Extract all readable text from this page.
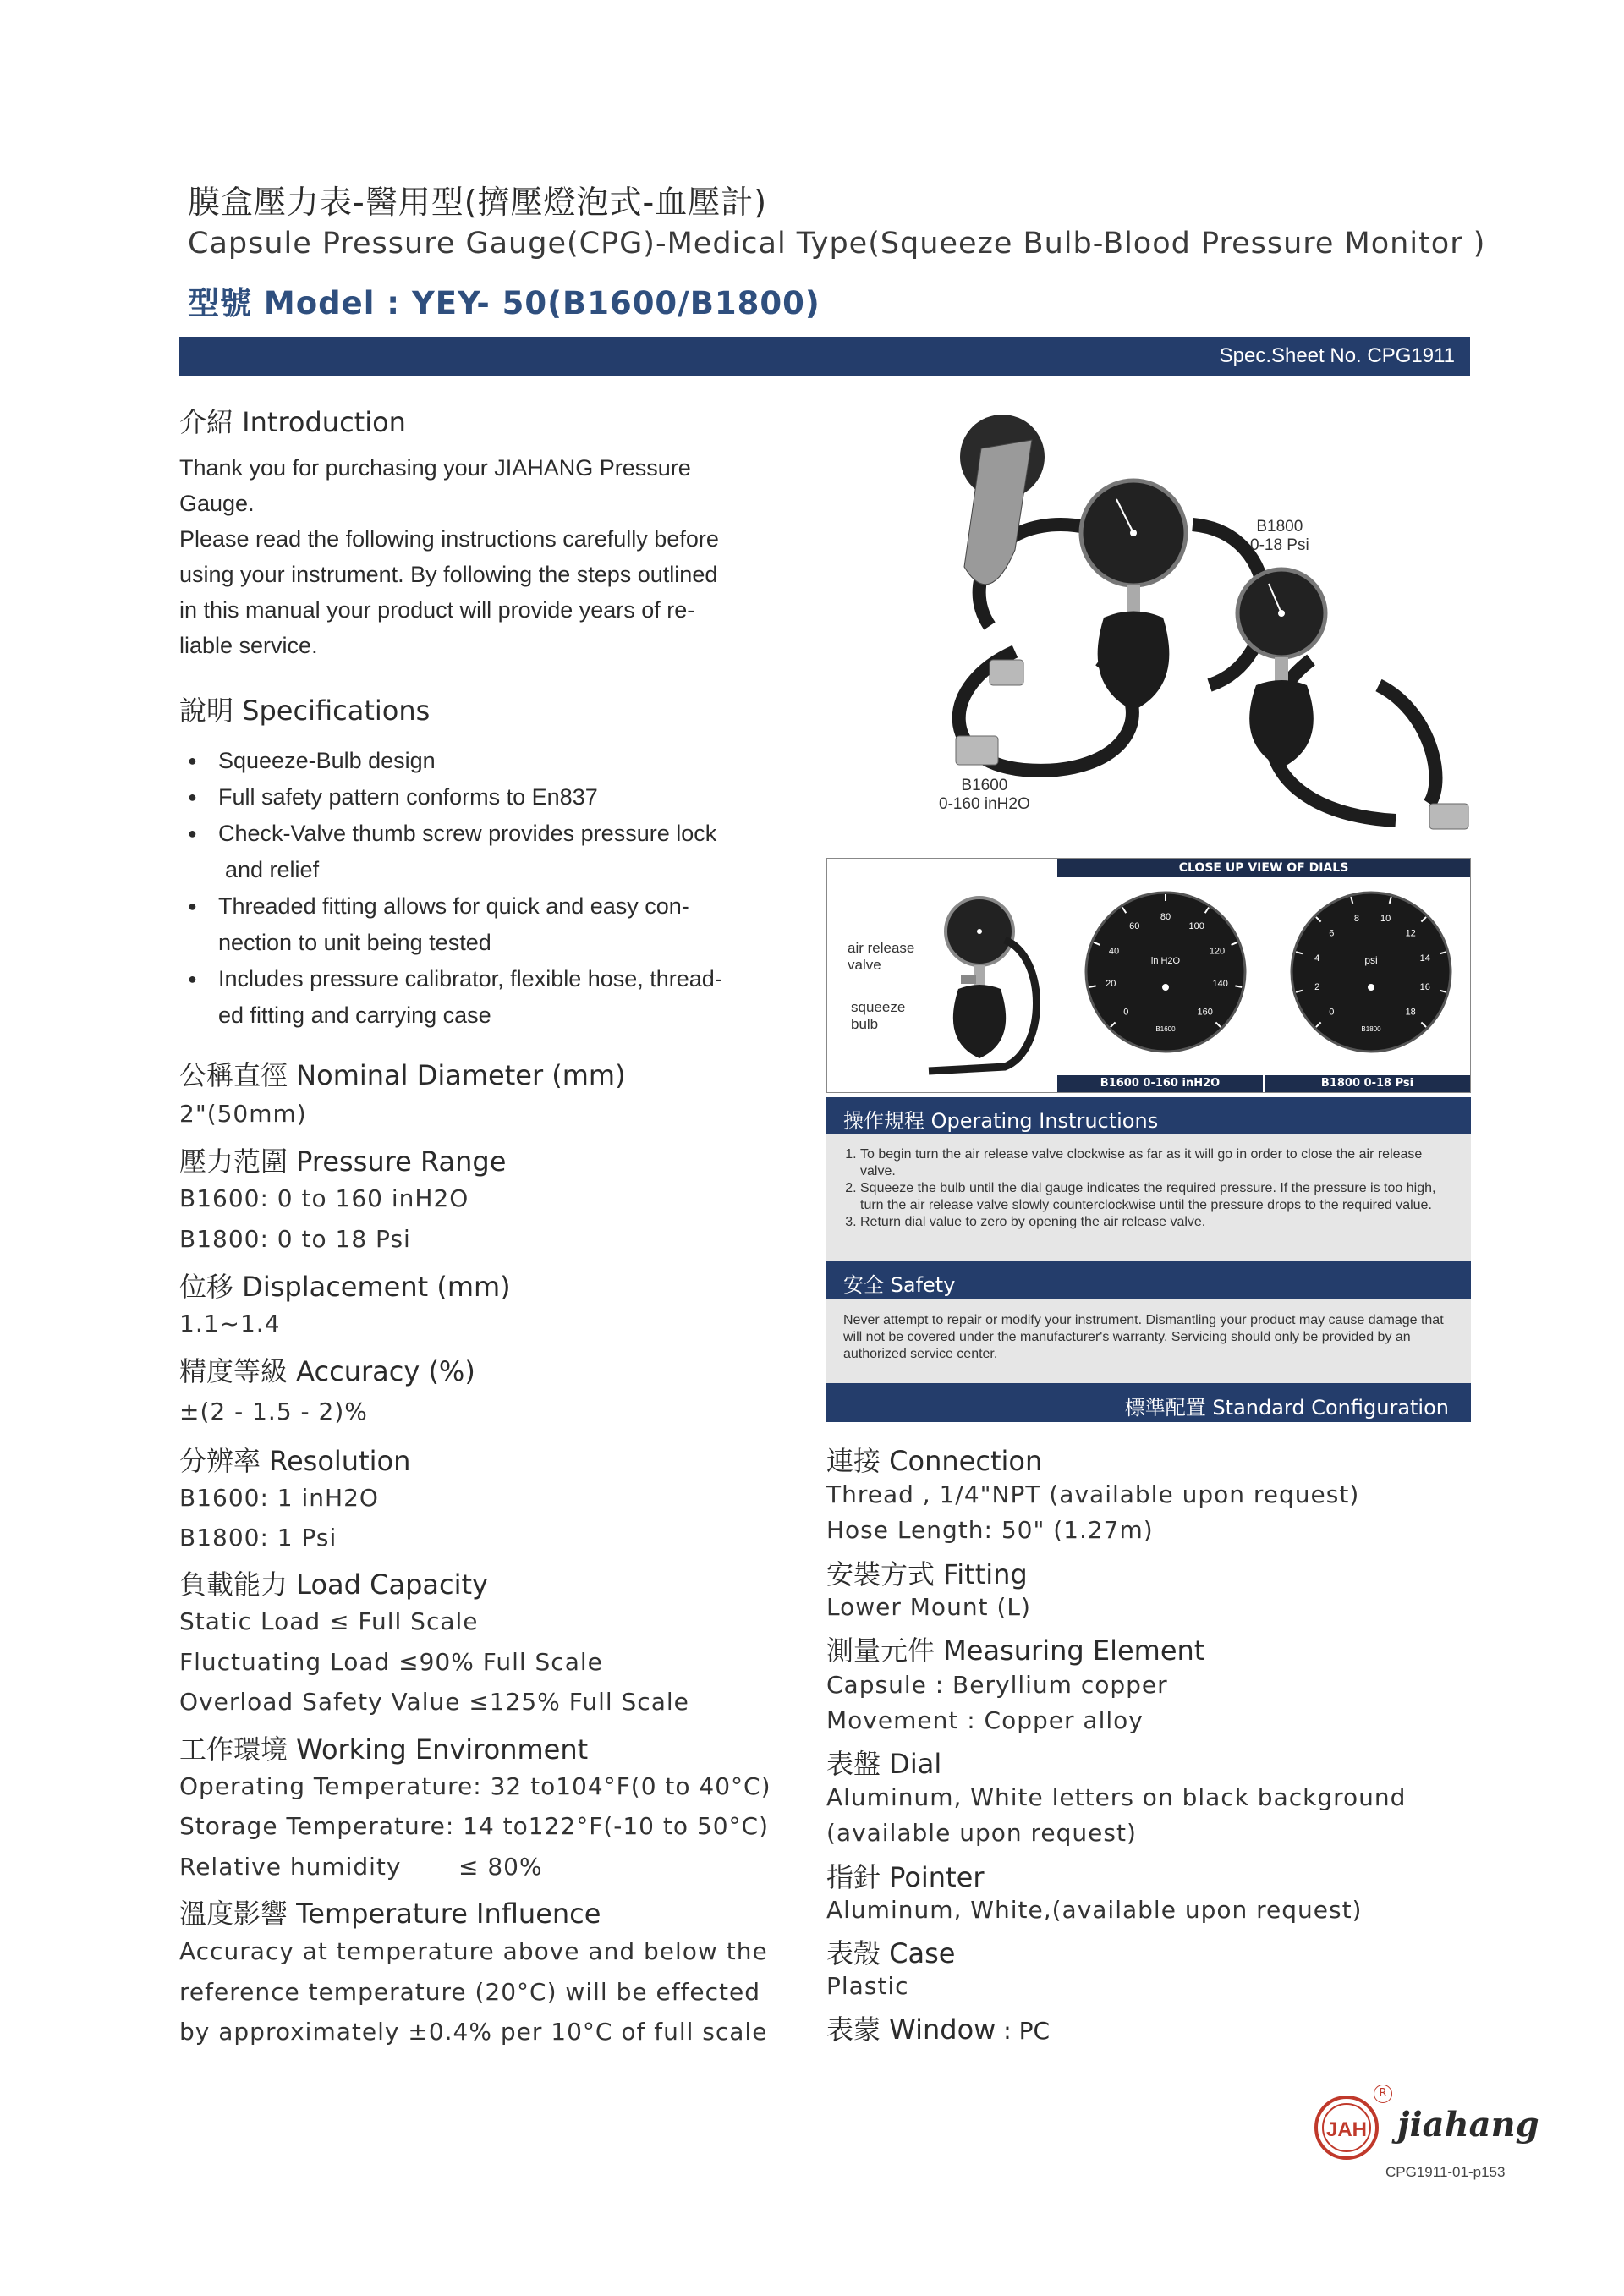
膜盒壓力表-醫用型(擠壓燈泡式-血壓計)
Capsule Pressure Gauge(CPG)-Medical Type(Squeeze Bulb-Blood Pressure Monitor )
型號 Model : YEY- 50(B1600/B1800)
Spec.Sheet No. CPG1911
介紹 Introduction
Thank you for purchasing your JIAHANG Pressure
Gauge.
Please read the following instructions carefully before
using your instrument. By following the steps outlined
in this manual your product will provide years of re-
liable service.
說明 Specifications
● Squeeze-Bulb design
● Full safety pattern conforms to En837
● Check-Valve thumb screw provides pressure lock
and relief
● Threaded fitting allows for quick and easy con-
nection to unit being tested
● Includes pressure calibrator, flexible hose, thread-
ed fitting and carrying case
公稱直徑 Nominal Diameter (mm)
2"(50mm)
壓力范圍 Pressure Range
B1600: 0 to 160 inH2O
B1800: 0 to 18 Psi
位移 Displacement (mm)
1.1~1.4
精度等級 Accuracy (%)
±(2 - 1.5 - 2)%
分辨率 Resolution
B1600: 1 inH2O
B1800: 1 Psi
負載能力 Load Capacity
Static Load ≤ Full Scale
Fluctuating Load ≤90% Full Scale
Overload Safety Value ≤125% Full Scale
工作環境 Working Environment
Operating Temperature: 32 to104°F(0 to 40°C)
Storage Temperature: 14 to122°F(-10 to 50°C)
Relative humidity ≤ 80%
溫度影響 Temperature Influence
Accuracy at temperature above and below the
reference temperature (20°C) will be effected
by approximately ±0.4% per 10°C of full scale
B1800
0-18 Psi
B1600
0-160 inH2O
CLOSE UP VIEW OF DIALS
air release
valve
squeeze
bulb
0
20
40
60
80
100
120
140
160
in H2O
B1600
0
2
4
6
8 10
12
14
16
18
psi
B1800
B1600 0-160 inH2O	B1800 0-18 Psi
操作規程 Operating Instructions
1. To begin turn the air release valve clockwise as far as it will go in order to close the air release valve.
2. Squeeze the bulb until the dial gauge indicates the required pressure. If the pressure is too high, turn the air release valve slowly counterclockwise until the pressure drops to the required value.
3. Return dial value to zero by opening the air release valve.
安全 Safety
Never attempt to repair or modify your instrument. Dismantling your product may cause damage that will not be covered under the manufacturer's warranty. Servicing should only be provided by an authorized service center.
標準配置 Standard Configuration
連接 Connection
Thread , 1/4"NPT (available upon request)
Hose Length: 50" (1.27m)
安裝方式 Fitting
Lower Mount (L)
測量元件 Measuring Element
Capsule : Beryllium copper
Movement : Copper alloy
表盤 Dial
Aluminum, White letters on black background
(available upon request)
指針 Pointer
Aluminum, White,(available upon request)
表殼 Case
Plastic
表蒙 Window : PC
JAH
R
jiahang
CPG1911-01-p153
